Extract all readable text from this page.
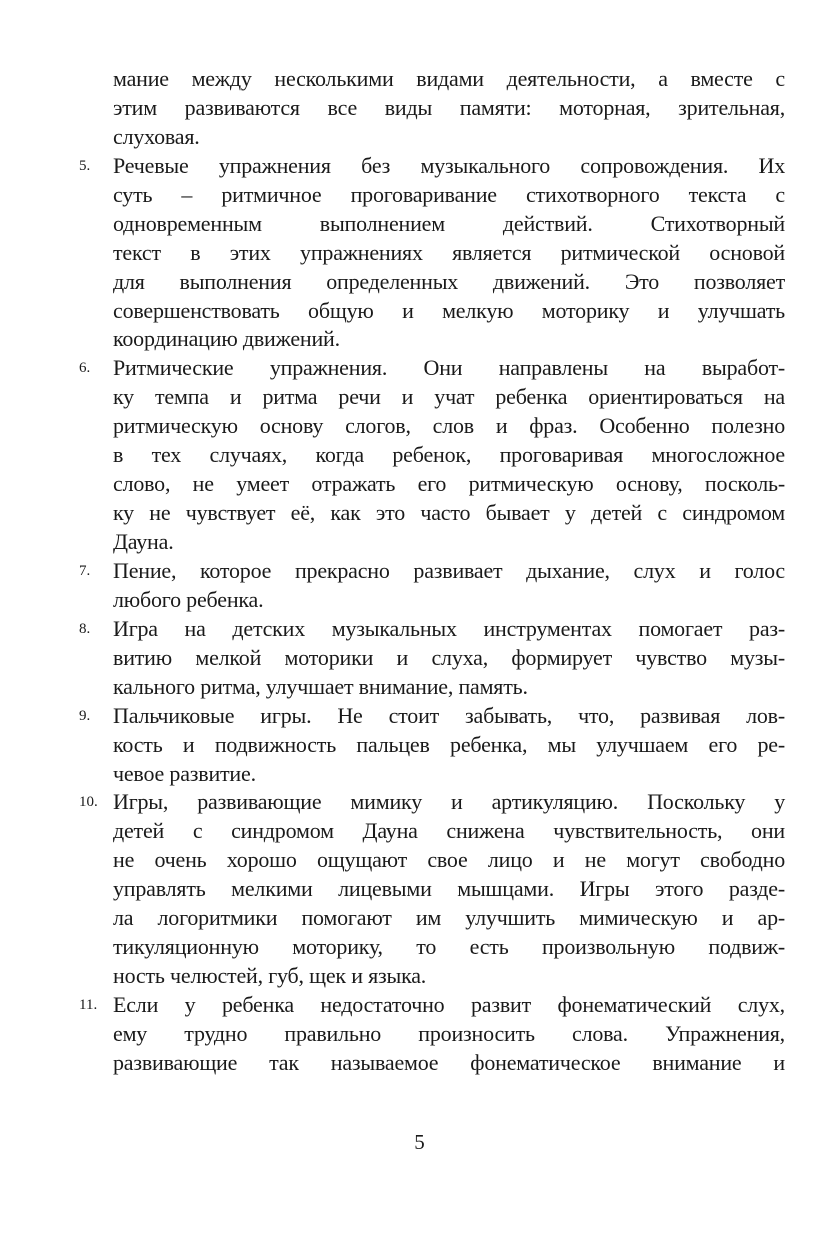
мание между несколькими видами деятельности, а вместе с
этим развиваются все виды памяти: моторная, зрительная,
слуховая.
5. Речевые упражнения без музыкального сопровождения. Их
суть – ритмичное проговаривание стихотворного текста с
одновременным выполнением действий. Стихотворный
текст в этих упражнениях является ритмической основой
для выполнения определенных движений. Это позволяет
совершенствовать общую и мелкую моторику и улучшать
координацию движений.
6. Ритмические упражнения. Они направлены на выработ-
ку темпа и ритма речи и учат ребенка ориентироваться на
ритмическую основу слогов, слов и фраз. Особенно полезно
в тех случаях, когда ребенок, проговаривая многосложное
слово, не умеет отражать его ритмическую основу, посколь-
ку не чувствует её, как это часто бывает у детей с синдромом
Дауна.
7. Пение, которое прекрасно развивает дыхание, слух и голос
любого ребенка.
8. Игра на детских музыкальных инструментах помогает раз-
витию мелкой моторики и слуха, формирует чувство музы-
кального ритма, улучшает внимание, память.
9. Пальчиковые игры. Не стоит забывать, что, развивая лов-
кость и подвижность пальцев ребенка, мы улучшаем его ре-
чевое развитие.
10. Игры, развивающие мимику и артикуляцию. Поскольку у
детей с синдромом Дауна снижена чувствительность, они
не очень хорошо ощущают свое лицо и не могут свободно
управлять мелкими лицевыми мышцами. Игры этого разде-
ла логоритмики помогают им улучшить мимическую и ар-
тикуляционную моторику, то есть произвольную подвиж-
ность челюстей, губ, щек и языка.
11. Если у ребенка недостаточно развит фонематический слух,
ему трудно правильно произносить слова. Упражнения,
развивающие так называемое фонематическое внимание и
5
